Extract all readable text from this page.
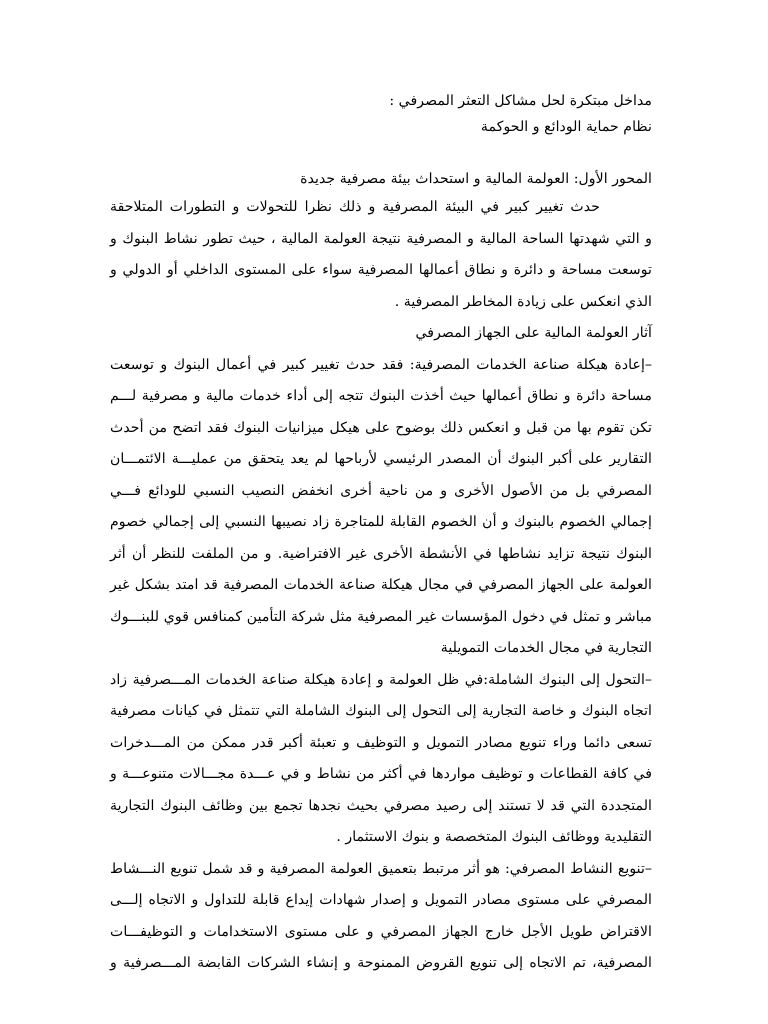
مداخل مبتكرة لحل مشاكل التعثر المصرفي :
نظام حماية الودائع و الحوكمة
المحور الأول: العولمة المالية و استحداث بيئة مصرفية جديدة
حدث تغيير كبير في البيئة المصرفية و ذلك نظرا للتحولات و التطورات المتلاحقة
و التي شهدتها الساحة المالية و المصرفية نتيجة العولمة المالية ، حيث تطور نشاط البنوك و
توسعت مساحة و دائرة و نطاق أعمالها المصرفية سواء على المستوى الداخلي أو الدولي و
الذي انعكس على زيادة المخاطر المصرفية .
آثار العولمة المالية على الجهاز المصرفي
–إعادة هيكلة صناعة الخدمات المصرفية: فقد حدث تغيير كبير في أعمال البنوك و توسعت
مساحة دائرة و نطاق أعمالها حيث أخذت البنوك تتجه إلى أداء خدمات مالية و مصرفية لـــم
تكن تقوم بها من قبل و انعكس ذلك بوضوح على هيكل ميزانيات البنوك فقد اتضح من أحدث
التقارير على أكبر البنوك أن المصدر الرئيسي لأرباحها لم يعد يتحقق من عمليـــة الائتمـــان
المصرفي بل من الأصول الأخرى و من ناحية أخرى انخفض النصيب النسبي للودائع فـــي
إجمالي الخصوم بالبنوك و أن الخصوم القابلة للمتاجرة زاد نصيبها النسبي إلى إجمالي خصوم
البنوك نتيجة تزايد نشاطها في الأنشطة الأخرى غير الافتراضية. و من الملفت للنظر أن أثر
العولمة على الجهاز المصرفي في مجال هيكلة صناعة الخدمات المصرفية قد امتد بشكل غير
مباشر و تمثل في دخول المؤسسات غير المصرفية مثل شركة التأمين كمنافس قوي للبنـــوك
التجارية في مجال الخدمات التمويلية
–التحول إلى البنوك الشاملة:في ظل العولمة و إعادة هيكلة صناعة الخدمات المـــصرفية زاد
اتجاه البنوك و خاصة التجارية إلى التحول إلى البنوك الشاملة التي تتمثل في كيانات مصرفية
تسعى دائما وراء تنويع مصادر التمويل و التوظيف و تعبئة أكبر قدر ممكن من المـــدخرات
في كافة القطاعات و توظيف مواردها في أكثر من نشاط و في عـــدة مجـــالات متنوعـــة و
المتجددة التي قد لا تستند إلى رصيد مصرفي بحيث نجدها تجمع بين وظائف البنوك التجارية
التقليدية ووظائف البنوك المتخصصة و بنوك الاستثمار .
–تنويع النشاط المصرفي: هو أثر مرتبط بتعميق العولمة المصرفية و قد شمل تنويع النـــشاط
المصرفي على مستوى مصادر التمويل و إصدار شهادات إيداع قابلة للتداول و الاتجاه إلـــى
الاقتراض طويل الأجل خارج الجهاز المصرفي و على مستوى الاستخدامات و التوظيفـــات
المصرفية، تم الاتجاه إلى تنويع القروض الممنوحة و إنشاء الشركات القابضة المـــصرفية و
